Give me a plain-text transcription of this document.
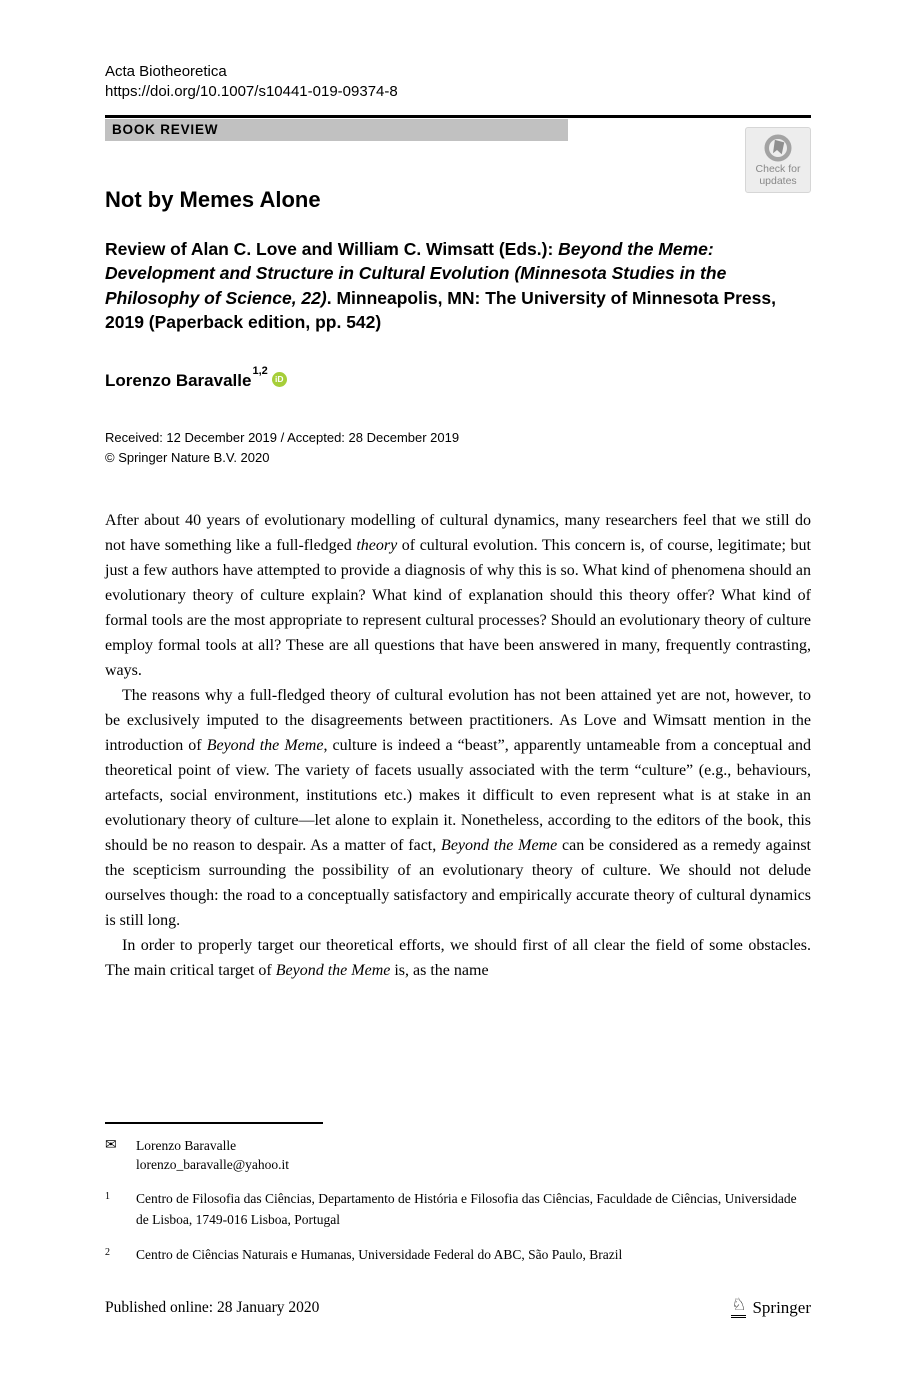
Acta Biotheoretica
https://doi.org/10.1007/s10441-019-09374-8
BOOK REVIEW
Not by Memes Alone
Review of Alan C. Love and William C. Wimsatt (Eds.): Beyond the Meme: Development and Structure in Cultural Evolution (Minnesota Studies in the Philosophy of Science, 22). Minneapolis, MN: The University of Minnesota Press, 2019 (Paperback edition, pp. 542)
Lorenzo Baravalle 1,2
iD
Received: 12 December 2019 / Accepted: 28 December 2019
© Springer Nature B.V. 2020

After about 40 years of evolutionary modelling of cultural dynamics, many researchers feel that we still do not have something like a full-fledged theory of cultural evolution. This concern is, of course, legitimate; but just a few authors have attempted to provide a diagnosis of why this is so. What kind of phenomena should an evolutionary theory of culture explain? What kind of explanation should this theory offer? What kind of formal tools are the most appropriate to represent cultural processes? Should an evolutionary theory of culture employ formal tools at all? These are all questions that have been answered in many, frequently contrasting, ways.

The reasons why a full-fledged theory of cultural evolution has not been attained yet are not, however, to be exclusively imputed to the disagreements between practitioners. As Love and Wimsatt mention in the introduction of Beyond the Meme, culture is indeed a “beast”, apparently untameable from a conceptual and theoretical point of view. The variety of facets usually associated with the term “culture” (e.g., behaviours, artefacts, social environment, institutions etc.) makes it difficult to even represent what is at stake in an evolutionary theory of culture—let alone to explain it. Nonetheless, according to the editors of the book, this should be no reason to despair. As a matter of fact, Beyond the Meme can be considered as a remedy against the scepticism surrounding the possibility of an evolutionary theory of culture. We should not delude ourselves though: the road to a conceptually satisfactory and empirically accurate theory of cultural dynamics is still long.

In order to properly target our theoretical efforts, we should first of all clear the field of some obstacles. The main critical target of Beyond the Meme is, as the name

Check for
updates
✉	Lorenzo Baravalle
lorenzo_baravalle@yahoo.it
1	Centro de Filosofia das Ciências, Departamento de História e Filosofia das Ciências, Faculdade de Ciências, Universidade de Lisboa, 1749-016 Lisboa, Portugal
2	Centro de Ciências Naturais e Humanas, Universidade Federal do ABC, São Paulo, Brazil
Published online: 28 January 2020	♘ Springer
